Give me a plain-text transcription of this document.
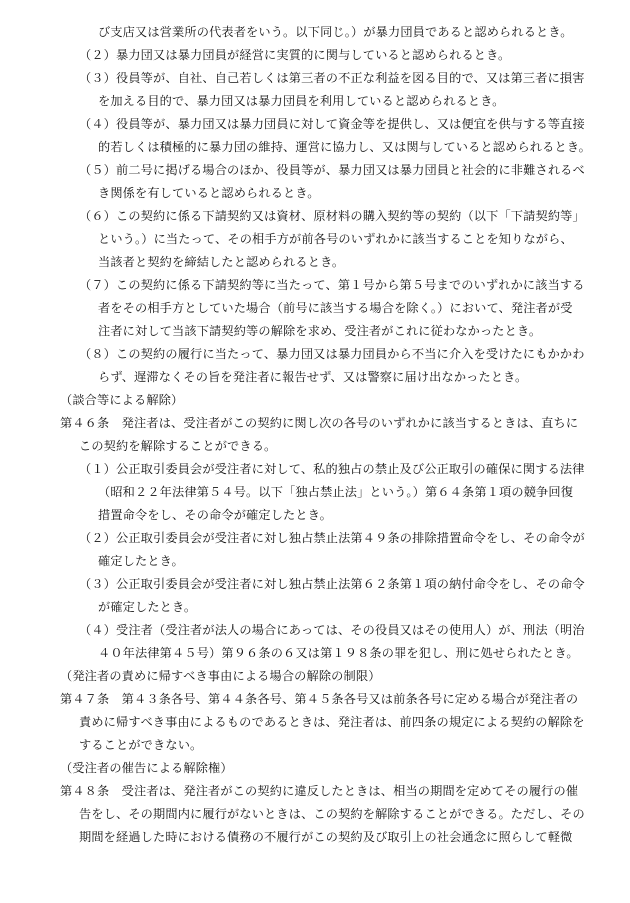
び支店又は営業所の代表者をいう。以下同じ。）が暴力団員であると認められるとき。
（２）暴力団又は暴力団員が経営に実質的に関与していると認められるとき。
（３）役員等が、自社、自己若しくは第三者の不正な利益を図る目的で、又は第三者に損害
を加える目的で、暴力団又は暴力団員を利用していると認められるとき。
（４）役員等が、暴力団又は暴力団員に対して資金等を提供し、又は便宜を供与する等直接
的若しくは積極的に暴力団の維持、運営に協力し、又は関与していると認められるとき。
（５）前二号に掲げる場合のほか、役員等が、暴力団又は暴力団員と社会的に非難されるべ
き関係を有していると認められるとき。
（６）この契約に係る下請契約又は資材、原材料の購入契約等の契約（以下「下請契約等」
という。）に当たって、その相手方が前各号のいずれかに該当することを知りながら、
当該者と契約を締結したと認められるとき。
（７）この契約に係る下請契約等に当たって、第１号から第５号までのいずれかに該当する
者をその相手方としていた場合（前号に該当する場合を除く。）において、発注者が受
注者に対して当該下請契約等の解除を求め、受注者がこれに従わなかったとき。
（８）この契約の履行に当たって、暴力団又は暴力団員から不当に介入を受けたにもかかわ
らず、遅滞なくその旨を発注者に報告せず、又は警察に届け出なかったとき。
（談合等による解除）
第４６条　発注者は、受注者がこの契約に関し次の各号のいずれかに該当するときは、直ちに
この契約を解除することができる。
（１）公正取引委員会が受注者に対して、私的独占の禁止及び公正取引の確保に関する法律
（昭和２２年法律第５４号。以下「独占禁止法」という。）第６４条第１項の競争回復
措置命令をし、その命令が確定したとき。
（２）公正取引委員会が受注者に対し独占禁止法第４９条の排除措置命令をし、その命令が
確定したとき。
（３）公正取引委員会が受注者に対し独占禁止法第６２条第１項の納付命令をし、その命令
が確定したとき。
（４）受注者（受注者が法人の場合にあっては、その役員又はその使用人）が、刑法（明治
４０年法律第４５号）第９６条の６又は第１９８条の罪を犯し、刑に処せられたとき。
（発注者の責めに帰すべき事由による場合の解除の制限）
第４７条　第４３条各号、第４４条各号、第４５条各号又は前条各号に定める場合が発注者の
責めに帰すべき事由によるものであるときは、発注者は、前四条の規定による契約の解除を
することができない。
（受注者の催告による解除権）
第４８条　受注者は、発注者がこの契約に違反したときは、相当の期間を定めてその履行の催
告をし、その期間内に履行がないときは、この契約を解除することができる。ただし、その
期間を経過した時における債務の不履行がこの契約及び取引上の社会通念に照らして軽微
